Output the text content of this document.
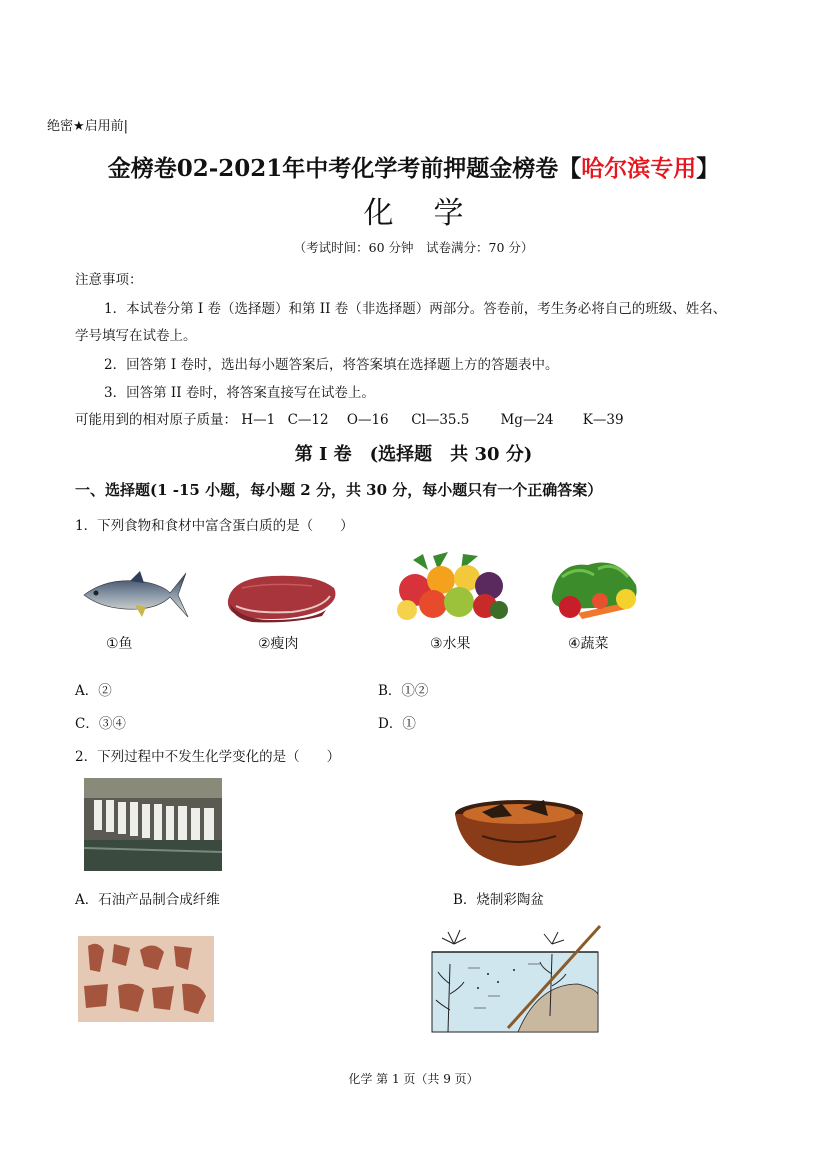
绝密★启用前|
金榜卷02-2021年中考化学考前押题金榜卷【哈尔滨专用】
化学
（考试时间：60 分钟　试卷满分：70 分）
注意事项：
1．本试卷分第 I 卷（选择题）和第 II 卷（非选择题）两部分。答卷前，考生务必将自己的班级、姓名、
学号填写在试卷上。
2．回答第 I 卷时，选出每小题答案后，将答案填在选择题上方的答题表中。
3．回答第 II 卷时，将答案直接写在试卷上。
可能用到的相对原子质量： H—1 C—12 O—16 Cl—35.5 Mg—24 K—39
第 I 卷　(选择题　共 30 分)
一、选择题(1 -15 小题，每小题 2 分，共 30 分，每小题只有一个正确答案）
1．下列食物和食材中富含蛋白质的是（　　）
①鱼	②瘦肉	③水果	④蔬菜
A．②	B．①②
C．③④	D．①
2．下列过程中不发生化学变化的是（　　）
A．石油产品制合成纤维	B．烧制彩陶盆
化学 第 1 页（共 9 页）
